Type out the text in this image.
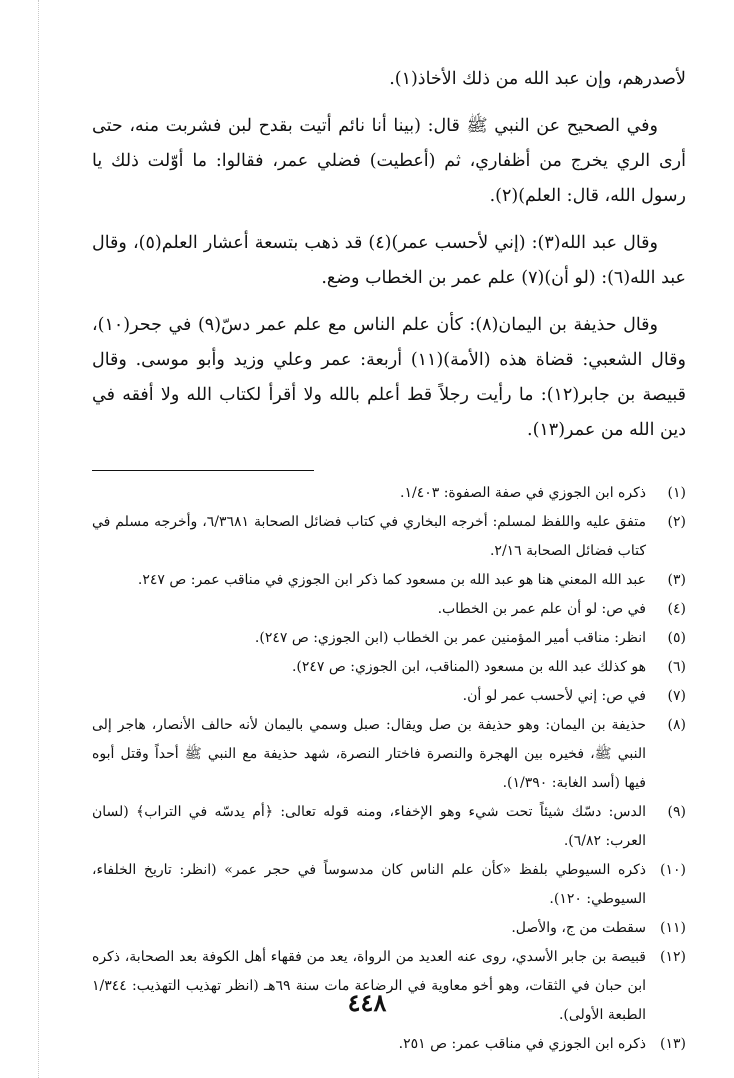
لأصدرهم، وإن عبد الله من ذلك الأخاذ(١).

وفي الصحيح عن النبي ﷺ قال: (بينا أنا نائم أتيت بقدح لبن فشربت منه، حتى أرى الري يخرج من أظفاري، ثم (أعطيت) فضلي عمر، فقالوا: ما أوّلت ذلك يا رسول الله، قال: العلم)(٢).

وقال عبد الله(٣): (إني لأحسب عمر)(٤) قد ذهب بتسعة أعشار العلم(٥)، وقال عبد الله(٦): (لو أن)(٧) علم عمر بن الخطاب وضع.

وقال حذيفة بن اليمان(٨): كأن علم الناس مع علم عمر دسّ(٩) في جحر(١٠)، وقال الشعبي: قضاة هذه (الأمة)(١١) أربعة: عمر وعلي وزيد وأبو موسى. وقال قبيصة بن جابر(١٢): ما رأيت رجلاً قط أعلم بالله ولا أقرأ لكتاب الله ولا أفقه في دين الله من عمر(١٣).

(١)
ذكره ابن الجوزي في صفة الصفوة: ١/٤٠٣.
(٢)
متفق عليه واللفظ لمسلم: أخرجه البخاري في كتاب فضائل الصحابة ٦/٣٦٨١، وأخرجه مسلم في كتاب فضائل الصحابة ٢/١٦.
(٣)
عبد الله المعني هنا هو عبد الله بن مسعود كما ذكر ابن الجوزي في مناقب عمر: ص ٢٤٧.
(٤)
في ص: لو أن علم عمر بن الخطاب.
(٥)
انظر: مناقب أمير المؤمنين عمر بن الخطاب (ابن الجوزي: ص ٢٤٧).
(٦)
هو كذلك عبد الله بن مسعود (المناقب، ابن الجوزي: ص ٢٤٧).
(٧)
في ص: إني لأحسب عمر لو أن.
(٨)
حذيفة بن اليمان: وهو حذيفة بن صل ويقال: صبل وسمي باليمان لأنه حالف الأنصار، هاجر إلى النبي ﷺ، فخيره بين الهجرة والنصرة فاختار النصرة، شهد حذيفة مع النبي ﷺ أحداً وقتل أبوه فيها (أسد الغابة: ١/٣٩٠).
(٩)
الدس: دسّك شيئاً تحت شيء وهو الإخفاء، ومنه قوله تعالى: ﴿أم يدسّه في التراب﴾ (لسان العرب: ٦/٨٢).
(١٠)
ذكره السيوطي بلفظ «كأن علم الناس كان مدسوساً في حجر عمر» (انظر: تاريخ الخلفاء، السيوطي: ١٢٠).
(١١)
سقطت من ج، والأصل.
(١٢)
قبيصة بن جابر الأسدي، روى عنه العديد من الرواة، يعد من فقهاء أهل الكوفة بعد الصحابة، ذكره ابن حبان في الثقات، وهو أخو معاوية في الرضاعة مات سنة ٦٩هـ (انظر تهذيب التهذيب: ١/٣٤٤ الطبعة الأولى).
(١٣)
ذكره ابن الجوزي في مناقب عمر: ص ٢٥١.
٤٤٨
